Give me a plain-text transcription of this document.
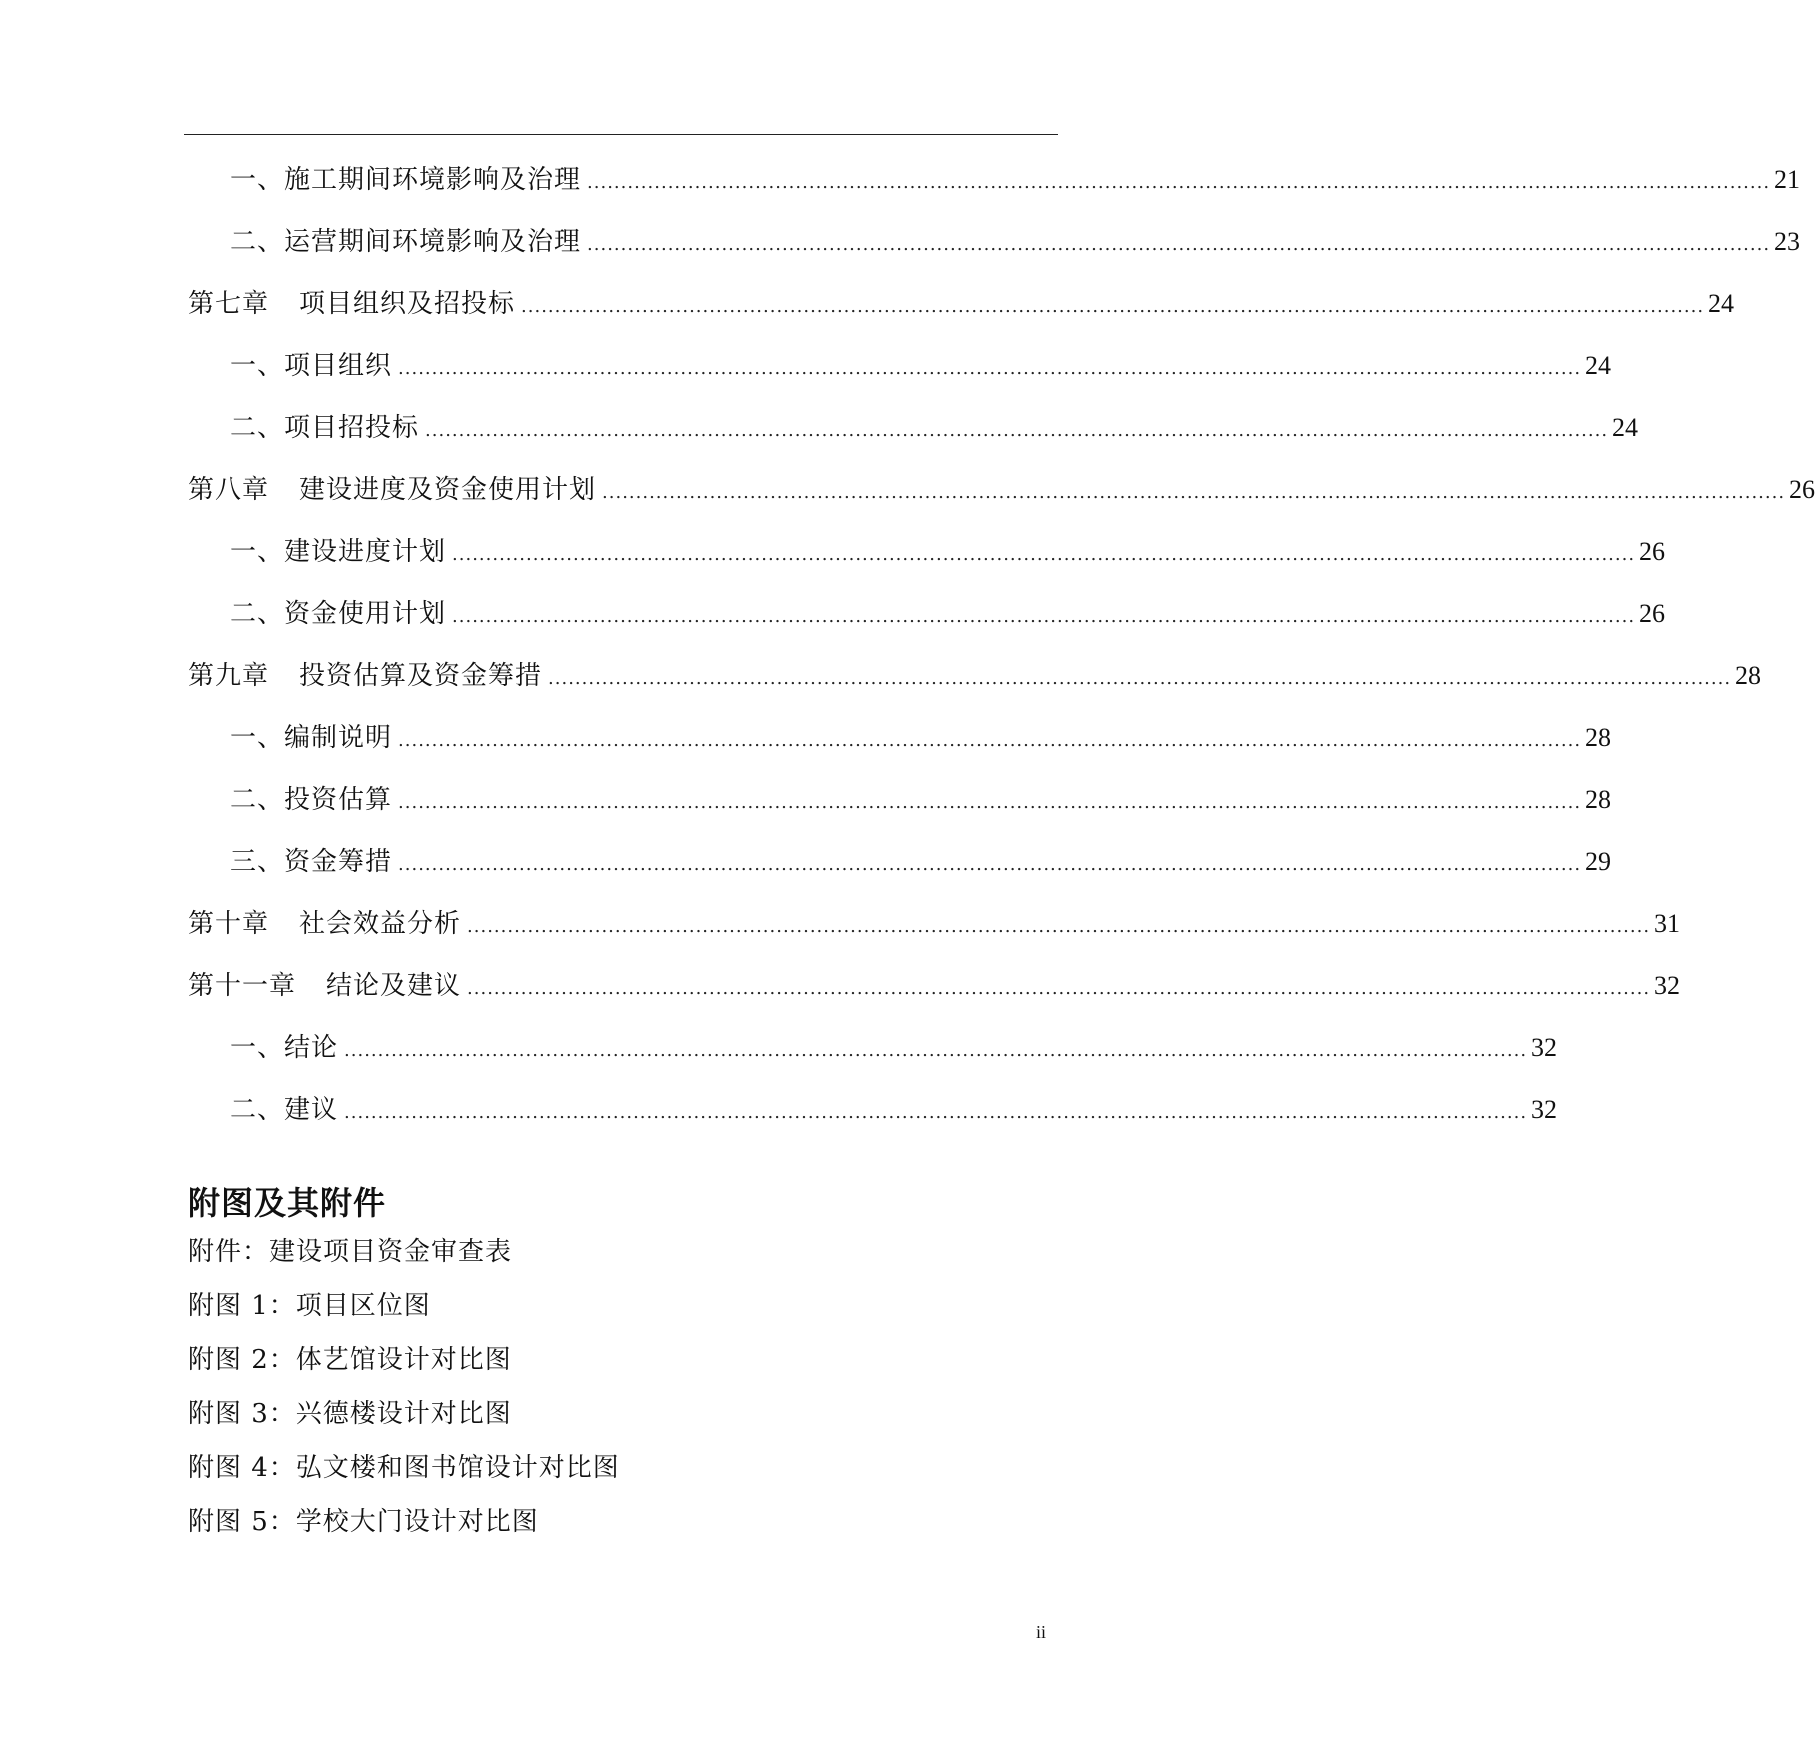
一、施工期间环境影响及治理 ................................................................................................................................................................................ 21
二、运营期间环境影响及治理 ................................................................................................................................................................................ 23
第七章 项目组织及招投标 ................................................................................................................................................................................ 24
一、项目组织 ................................................................................................................................................................................ 24
二、项目招投标 ................................................................................................................................................................................ 24
第八章 建设进度及资金使用计划 ................................................................................................................................................................................ 26
一、建设进度计划 ................................................................................................................................................................................ 26
二、资金使用计划 ................................................................................................................................................................................ 26
第九章 投资估算及资金筹措 ................................................................................................................................................................................ 28
一、编制说明 ................................................................................................................................................................................ 28
二、投资估算 ................................................................................................................................................................................ 28
三、资金筹措 ................................................................................................................................................................................ 29
第十章 社会效益分析 ................................................................................................................................................................................ 31
第十一章 结论及建议 ................................................................................................................................................................................ 32
一、结论 ................................................................................................................................................................................ 32
二、建议 ................................................................................................................................................................................ 32
附图及其附件
附件：建设项目资金审查表
附图 1：项目区位图
附图 2：体艺馆设计对比图
附图 3：兴德楼设计对比图
附图 4：弘文楼和图书馆设计对比图
附图 5：学校大门设计对比图
ii
